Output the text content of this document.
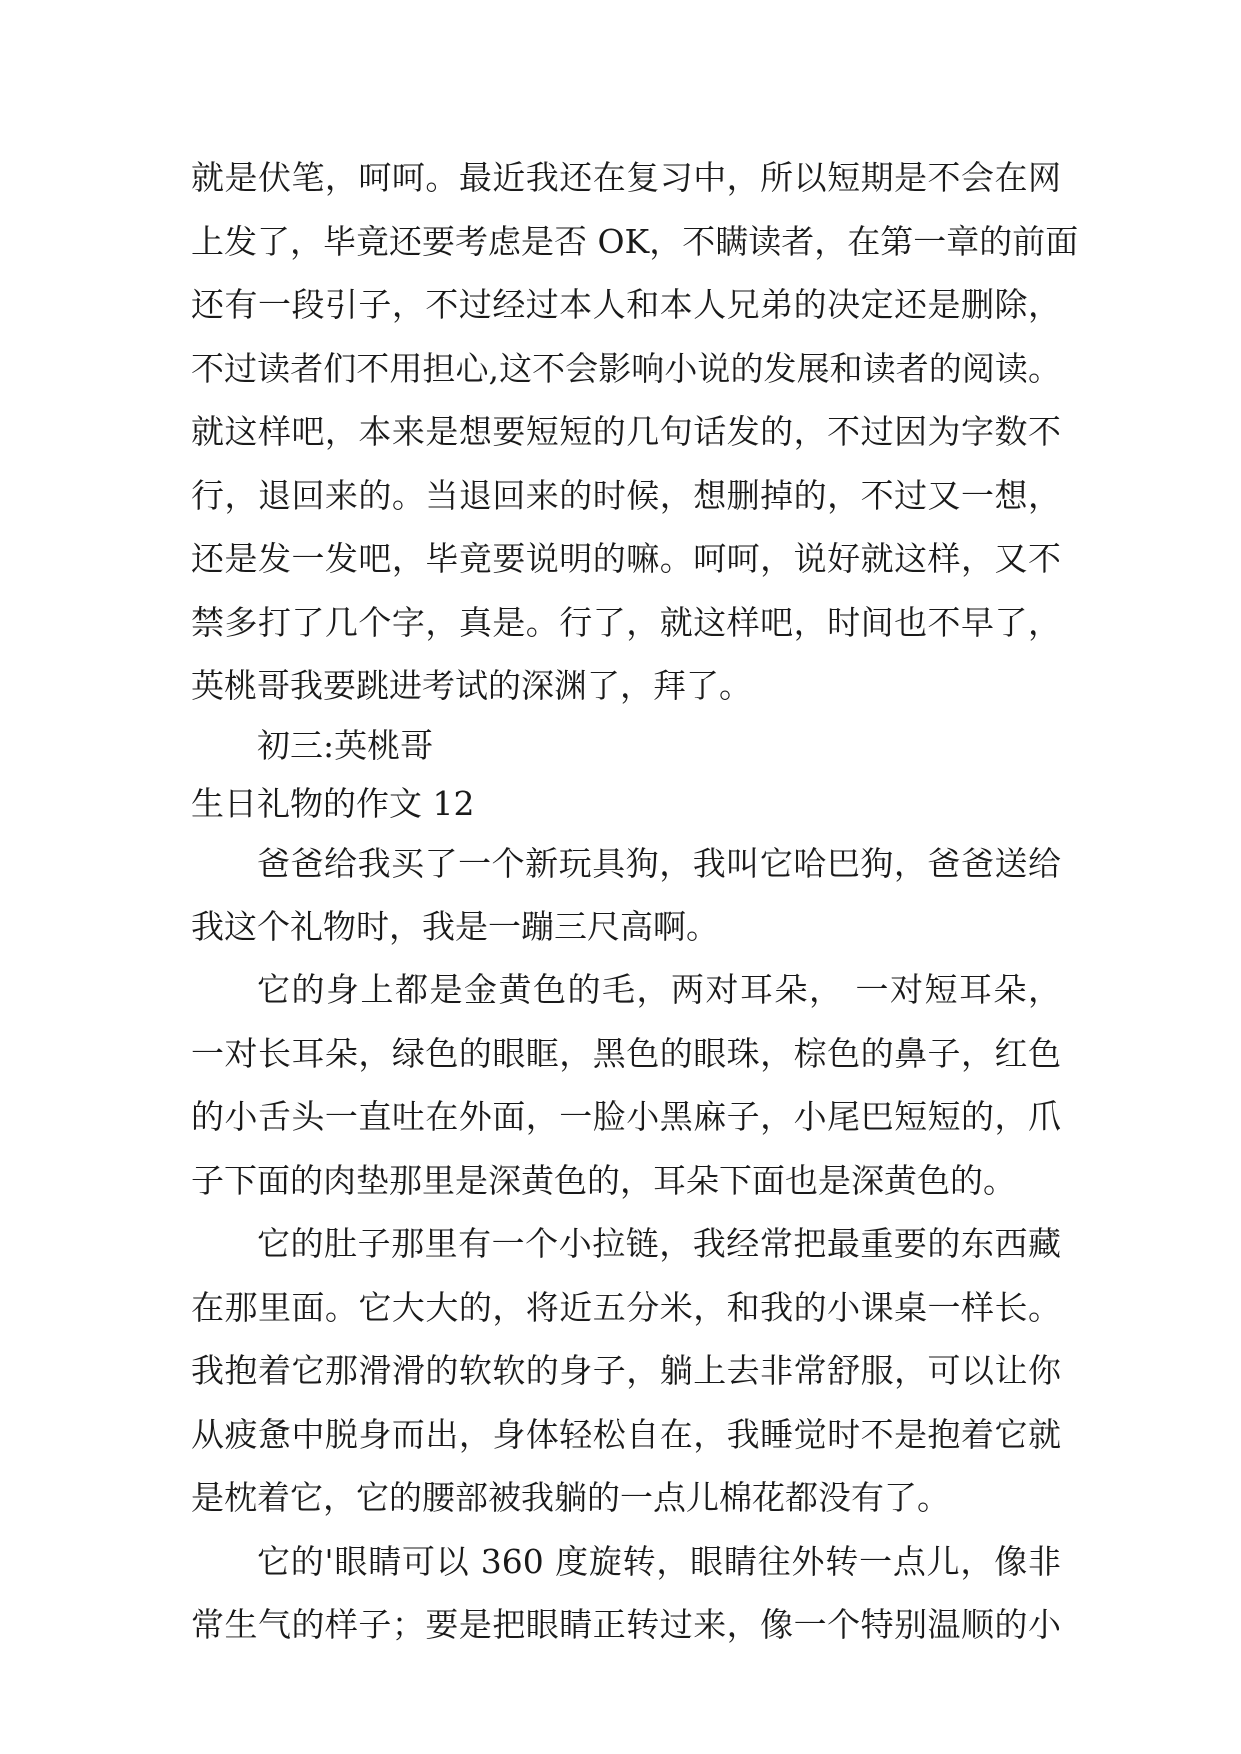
就是伏笔，呵呵。最近我还在复习中，所以短期是不会在网

上发了，毕竟还要考虑是否 OK，不瞒读者，在第一章的前面

还有一段引子，不过经过本人和本人兄弟的决定还是删除，

不过读者们不用担心,这不会影响小说的发展和读者的阅读。

就这样吧，本来是想要短短的几句话发的，不过因为字数不

行，退回来的。当退回来的时候，想删掉的，不过又一想，

还是发一发吧，毕竟要说明的嘛。呵呵，说好就这样，又不

禁多打了几个字，真是。行了，就这样吧，时间也不早了，

英桃哥我要跳进考试的深渊了，拜了。

初三:英桃哥

生日礼物的作文 12

爸爸给我买了一个新玩具狗，我叫它哈巴狗，爸爸送给

我这个礼物时，我是一蹦三尺高啊。

它的身上都是金黄色的毛，两对耳朵， 一对短耳朵，

一对长耳朵，绿色的眼眶，黑色的眼珠，棕色的鼻子，红色

的小舌头一直吐在外面，一脸小黑麻子，小尾巴短短的，爪

子下面的肉垫那里是深黄色的，耳朵下面也是深黄色的。

它的肚子那里有一个小拉链，我经常把最重要的东西藏

在那里面。它大大的，将近五分米，和我的小课桌一样长。

我抱着它那滑滑的软软的身子，躺上去非常舒服，可以让你

从疲惫中脱身而出，身体轻松自在，我睡觉时不是抱着它就

是枕着它，它的腰部被我躺的一点儿棉花都没有了。

它的'眼睛可以 360 度旋转，眼睛往外转一点儿，像非

常生气的样子；要是把眼睛正转过来，像一个特别温顺的小
